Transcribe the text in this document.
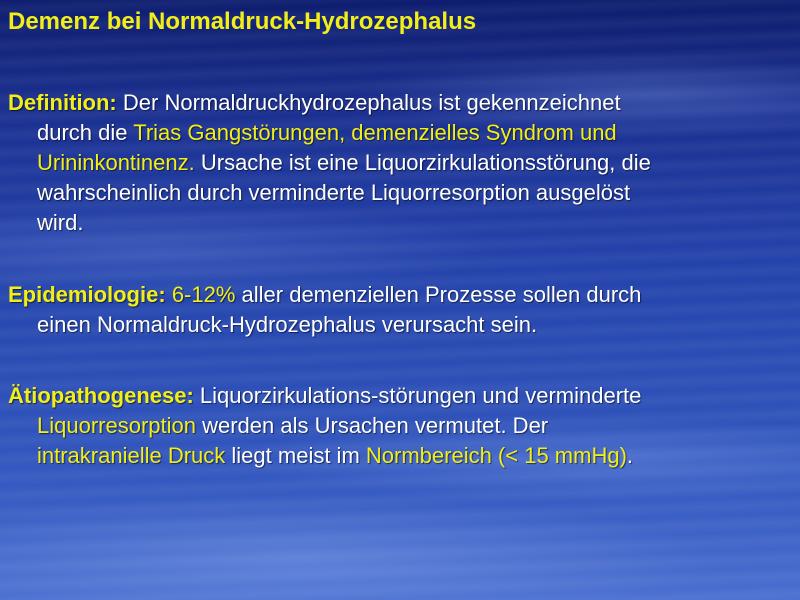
Demenz bei Normaldruck-Hydrozephalus
Definition: Der Normaldruckhydrozephalus ist gekennzeichnet
durch die Trias Gangstörungen, demenzielles Syndrom und
Urininkontinenz. Ursache ist eine Liquorzirkulationsstörung, die
wahrscheinlich durch verminderte Liquorresorption ausgelöst
wird.
Epidemiologie: 6-12% aller demenziellen Prozesse sollen durch
einen Normaldruck-Hydrozephalus verursacht sein.
Ätiopathogenese: Liquorzirkulations-störungen und verminderte
Liquorresorption werden als Ursachen vermutet. Der
intrakranielle Druck liegt meist im Normbereich (< 15 mmHg).
